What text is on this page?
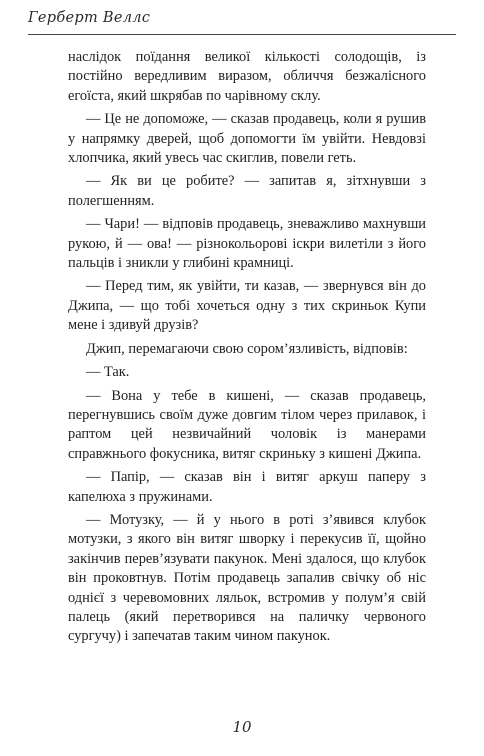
Герберт Веллс

наслідок поїдання великої кількості солодощів, із постійно вередливим виразом, обличчя безжалісного егоїста, який шкрябав по чарівному склу.

— Це не допоможе, — сказав продавець, коли я рушив у напрямку дверей, щоб допомогти їм увійти. Невдовзі хлопчика, який увесь час скиглив, повели геть.

— Як ви це робите? — запитав я, зітхнувши з полегшенням.

— Чари! — відповів продавець, зневажливо махнувши рукою, й — ова! — різнокольорові іскри вилетіли з його пальців і зникли у глибині крамниці.

— Перед тим, як увійти, ти казав, — звернувся він до Джипа, — що тобі хочеться одну з тих скриньок Купи мене і здивуй друзів?

Джип, перемагаючи свою сором’язливість, відповів:

— Так.

— Вона у тебе в кишені, — сказав продавець, перегнувшись своїм дуже довгим тілом через прилавок, і раптом цей незвичайний чоловік із манерами справжнього фокусника, витяг скриньку з кишені Джипа.

— Папір, — сказав він і витяг аркуш паперу з капелюха з пружинами.

— Мотузку, — й у нього в роті з’явився клубок мотузки, з якого він витяг шворку і перекусив її, щойно закінчив перев’язувати пакунок. Мені здалося, що клубок він проковтнув. Потім продавець запалив свічку об ніс однієї з черевомовних ляльок, встромив у полум’я свій палець (який перетворився на паличку червоного сургучу) і запечатав таким чином пакунок.

10
